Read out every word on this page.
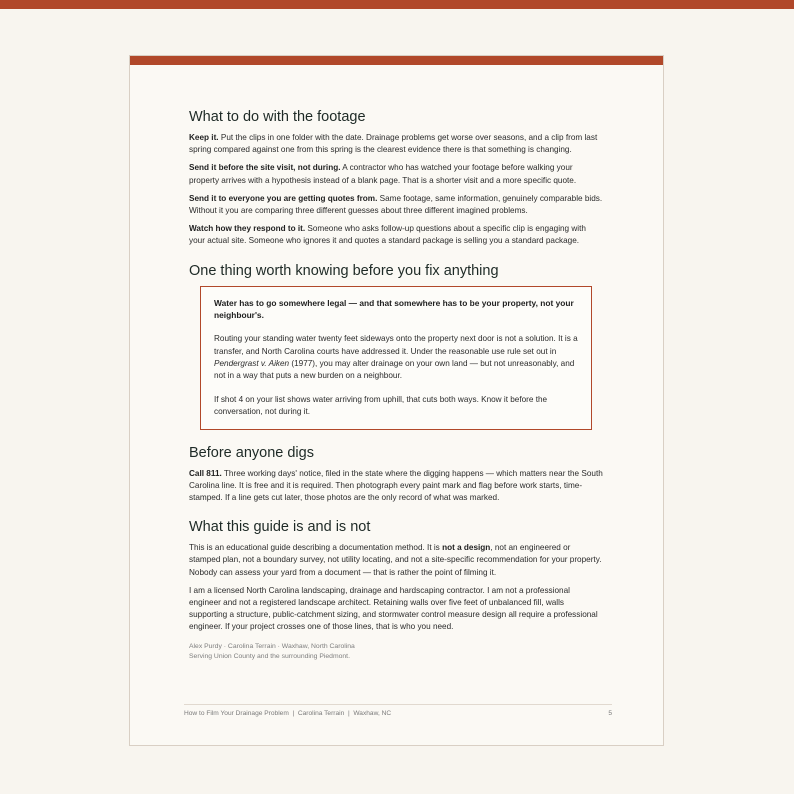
What to do with the footage

Keep it. Put the clips in one folder with the date. Drainage problems get worse over seasons, and a clip from last spring compared against one from this spring is the clearest evidence there is that something is changing.

Send it before the site visit, not during. A contractor who has watched your footage before walking your property arrives with a hypothesis instead of a blank page. That is a shorter visit and a more specific quote.

Send it to everyone you are getting quotes from. Same footage, same information, genuinely comparable bids. Without it you are comparing three different guesses about three different imagined problems.

Watch how they respond to it. Someone who asks follow-up questions about a specific clip is engaging with your actual site. Someone who ignores it and quotes a standard package is selling you a standard package.

One thing worth knowing before you fix anything

Water has to go somewhere legal — and that somewhere has to be your property, not your neighbour's.

Routing your standing water twenty feet sideways onto the property next door is not a solution. It is a transfer, and North Carolina courts have addressed it. Under the reasonable use rule set out in Pendergrast v. Aiken (1977), you may alter drainage on your own land — but not unreasonably, and not in a way that puts a new burden on a neighbour.

If shot 4 on your list shows water arriving from uphill, that cuts both ways. Know it before the conversation, not during it.

Before anyone digs

Call 811. Three working days' notice, filed in the state where the digging happens — which matters near the South Carolina line. It is free and it is required. Then photograph every paint mark and flag before work starts, time-stamped. If a line gets cut later, those photos are the only record of what was marked.

What this guide is and is not

This is an educational guide describing a documentation method. It is not a design, not an engineered or stamped plan, not a boundary survey, not utility locating, and not a site-specific recommendation for your property. Nobody can assess your yard from a document — that is rather the point of filming it.

I am a licensed North Carolina landscaping, drainage and hardscaping contractor. I am not a professional engineer and not a registered landscape architect. Retaining walls over five feet of unbalanced fill, walls supporting a structure, public-catchment sizing, and stormwater control measure design all require a professional engineer. If your project crosses one of those lines, that is who you need.

Alex Purdy · Carolina Terrain · Waxhaw, North Carolina
Serving Union County and the surrounding Piedmont.
How to Film Your Drainage Problem  |  Carolina Terrain  |  Waxhaw, NC	5
